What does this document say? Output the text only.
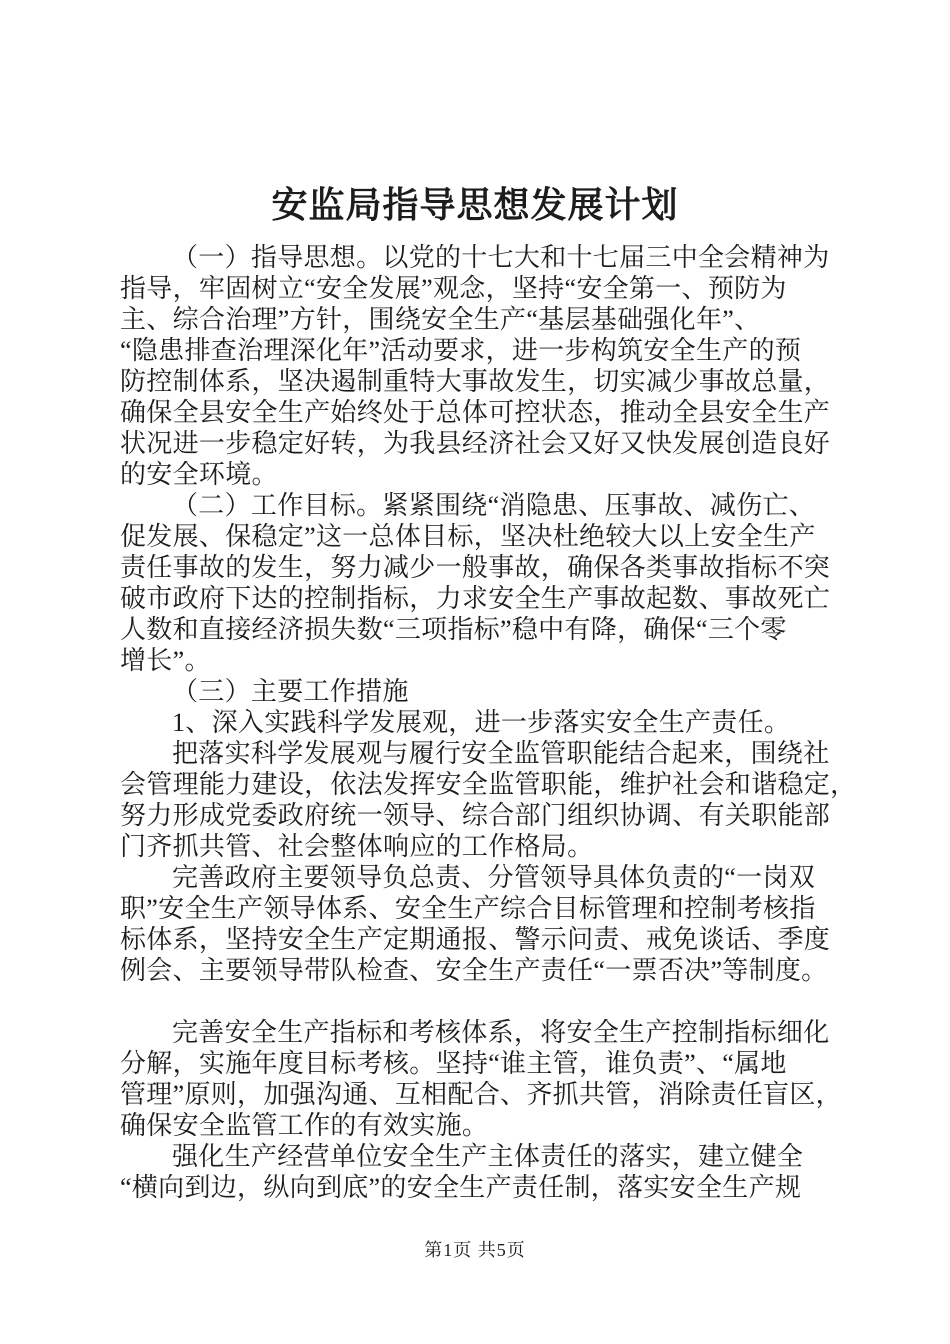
安监局指导思想发展计划
（一）指导思想。以党的十七大和十七届三中全会精神为
指导，牢固树立“安全发展”观念，坚持“安全第一、预防为
主、综合治理”方针，围绕安全生产“基层基础强化年”、
“隐患排查治理深化年”活动要求，进一步构筑安全生产的预
防控制体系，坚决遏制重特大事故发生，切实减少事故总量，
确保全县安全生产始终处于总体可控状态，推动全县安全生产
状况进一步稳定好转，为我县经济社会又好又快发展创造良好
的安全环境。
（二）工作目标。紧紧围绕“消隐患、压事故、减伤亡、
促发展、保稳定”这一总体目标，坚决杜绝较大以上安全生产
责任事故的发生，努力减少一般事故，确保各类事故指标不突
破市政府下达的控制指标，力求安全生产事故起数、事故死亡
人数和直接经济损失数“三项指标”稳中有降，确保“三个零
增长”。
（三）主要工作措施
1、深入实践科学发展观，进一步落实安全生产责任。
把落实科学发展观与履行安全监管职能结合起来，围绕社
会管理能力建设，依法发挥安全监管职能，维护社会和谐稳定，
努力形成党委政府统一领导、综合部门组织协调、有关职能部
门齐抓共管、社会整体响应的工作格局。
完善政府主要领导负总责、分管领导具体负责的“一岗双
职”安全生产领导体系、安全生产综合目标管理和控制考核指
标体系，坚持安全生产定期通报、警示问责、戒免谈话、季度
例会、主要领导带队检查、安全生产责任“一票否决”等制度。

完善安全生产指标和考核体系，将安全生产控制指标细化
分解，实施年度目标考核。坚持“谁主管，谁负责”、“属地
管理”原则，加强沟通、互相配合、齐抓共管，消除责任盲区，
确保安全监管工作的有效实施。
强化生产经营单位安全生产主体责任的落实，建立健全
“横向到边，纵向到底”的安全生产责任制，落实安全生产规
第1页 共5页
